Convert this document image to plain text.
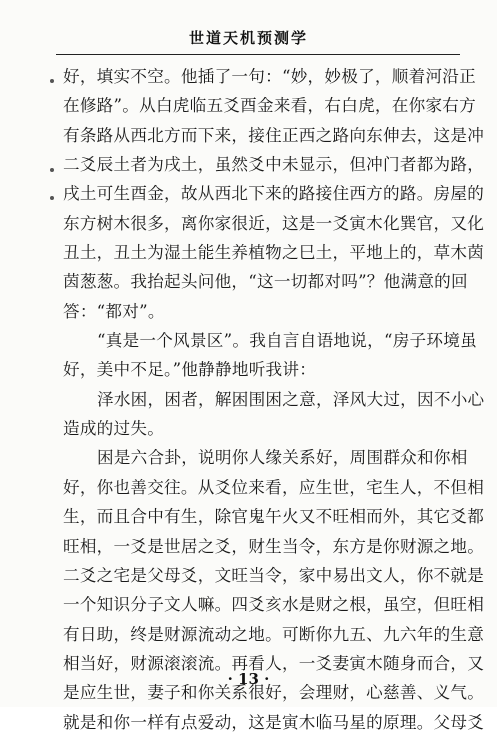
世道天机预测学
好，填实不空。他插了一句：“妙，妙极了，顺着河沿正
在修路”。从白虎临五爻酉金来看，右白虎，在你家右方
有条路从西北方而下来，接住正西之路向东伸去，这是冲
二爻辰土者为戌土，虽然爻中未显示，但冲门者都为路，
戌土可生酉金，故从西北下来的路接住西方的路。房屋的
东方树木很多，离你家很近，这是一爻寅木化巽官，又化
丑土，丑土为湿土能生养植物之巳土，平地上的，草木茵
茵葱葱。我抬起头问他，“这一切都对吗”？他满意的回
答：“都对”。
“真是一个风景区”。我自言自语地说，“房子环境虽
好，美中不足。”他静静地听我讲：
泽水困，困者，解困围困之意，泽风大过，因不小心
造成的过失。
困是六合卦，说明你人缘关系好，周围群众和你相
好，你也善交往。从爻位来看，应生世，宅生人，不但相
生，而且合中有生，除官鬼午火又不旺相而外，其它爻都
旺相，一爻是世居之爻，财生当令，东方是你财源之地。
二爻之宅是父母爻，文旺当令，家中易出文人，你不就是
一个知识分子文人嘛。四爻亥水是财之根，虽空，但旺相
有日助，终是财源流动之地。可断你九五、九六年的生意
相当好，财源滚滚流。再看人，一爻妻寅木随身而合，又
是应生世，妻子和你关系很好，会理财，心慈善、义气。
就是和你一样有点爱动，这是寅木临马星的原理。父母爻
· 13 ·
